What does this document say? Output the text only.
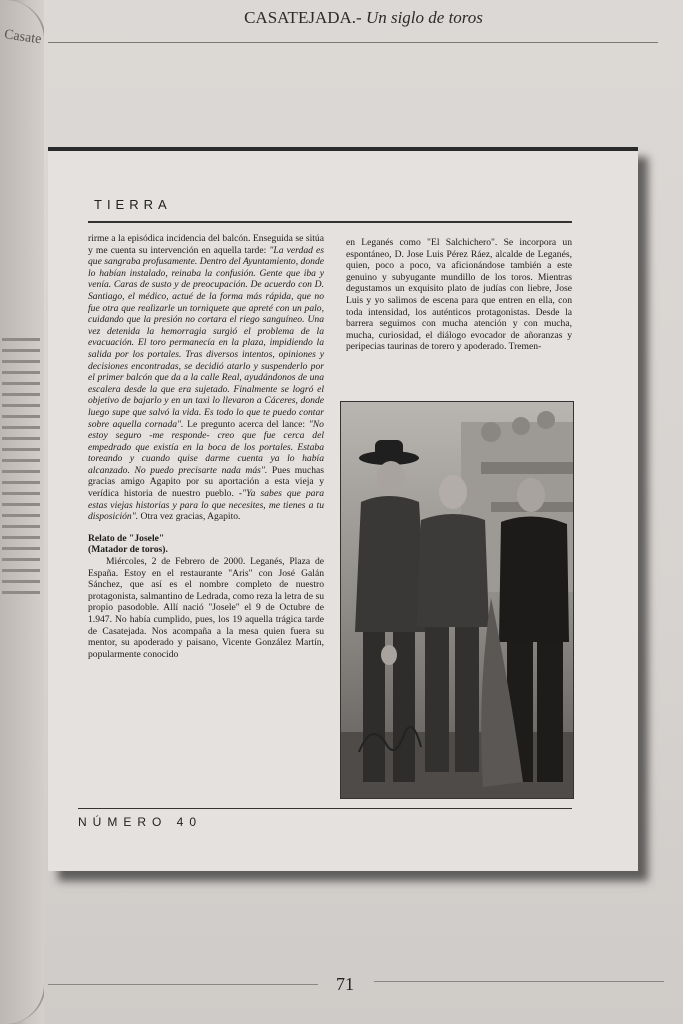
Casate
CASATEJADA.- Un siglo de toros
TIERRA

rirme a la episódica incidencia del balcón. Enseguida se sitúa y me cuenta su intervención en aquella tarde: "La verdad es que sangraba profusamente. Dentro del Ayuntamiento, donde lo habían instalado, reinaba la confusión. Gente que iba y venía. Caras de susto y de preocupación. De acuerdo con D. Santiago, el médico, actué de la forma más rápida, que no fue otra que realizarle un torniquete que apreté con un palo, cuidando que la presión no cortara el riego sanguíneo. Una vez detenida la hemorragia surgió el problema de la evacuación. El toro permanecía en la plaza, impidiendo la salida por los portales. Tras diversos intentos, opiniones y decisiones encontradas, se decidió atarlo y suspenderlo por el primer balcón que da a la calle Real, ayudándonos de una escalera desde la que era sujetado. Finalmente se logró el objetivo de bajarlo y en un taxi lo llevaron a Cáceres, donde luego supe que salvó la vida. Es todo lo que te puedo contar sobre aquella cornada". Le pregunto acerca del lance: "No estoy seguro -me responde- creo que fue cerca del empedrado que existía en la boca de los portales. Estaba toreando y cuando quise darme cuenta ya lo había alcanzado. No puedo precisarte nada más". Pues muchas gracias amigo Agapito por su aportación a esta vieja y verídica historia de nuestro pueblo. -"Ya sabes que para estas viejas historias y para lo que necesites, me tienes a tu disposición". Otra vez gracias, Agapito.

Relato de "Josele"
(Matador de toros).

Miércoles, 2 de Febrero de 2000. Leganés, Plaza de España. Estoy en el restaurante "Aris" con José Galán Sánchez, que así es el nombre completo de nuestro protagonista, salmantino de Ledrada, como reza la letra de su propio pasodoble. Allí nació "Josele" el 9 de Octubre de 1.947. No había cumplido, pues, los 19 aquella trágica tarde de Casatejada. Nos acompaña a la mesa quien fuera su mentor, su apoderado y paisano, Vicente González Martín, popularmente conocido

en Leganés como "El Salchichero". Se incorpora un espontáneo, D. Jose Luis Pérez Ráez, alcalde de Leganés, quien, poco a poco, va aficionándose también a este genuino y subyugante mundillo de los toros. Mientras degustamos un exquisito plato de judías con liebre, Jose Luis y yo salimos de escena para que entren en ella, con toda intensidad, los auténticos protagonistas. Desde la barrera seguimos con mucha atención y con mucha, mucha, curiosidad, el diálogo evocador de añoranzas y peripecias taurinas de torero y apoderado. Tremen-

NÚMERO 40
71
